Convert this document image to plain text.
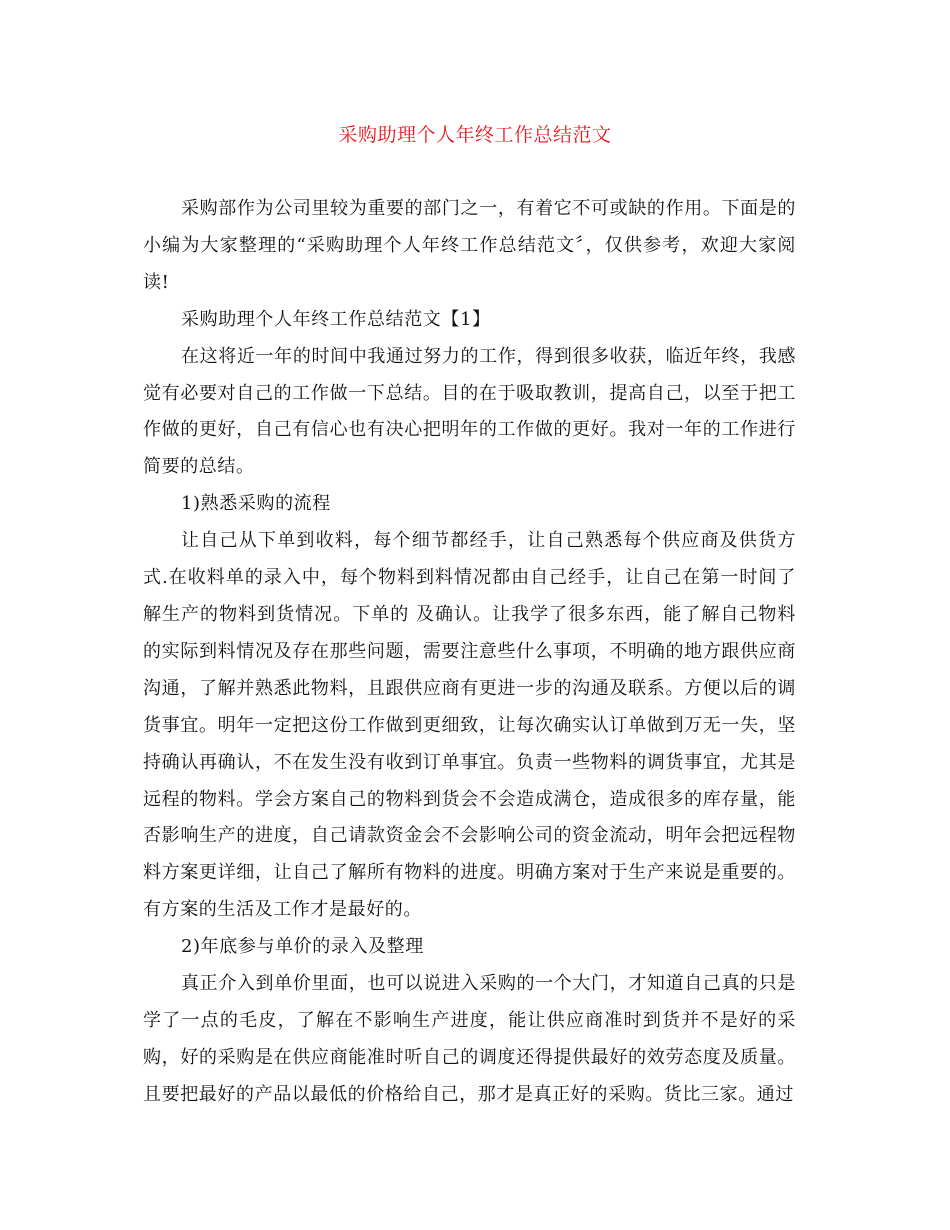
采购助理个人年终工作总结范文

采购部作为公司里较为重要的部门之一，有着它不可或缺的作用。下面是的小编为大家整理的“采购助理个人年终工作总结范文〞，仅供参考，欢迎大家阅读!

采购助理个人年终工作总结范文【1】

在这将近一年的时间中我通过努力的工作，得到很多收获，临近年终，我感觉有必要对自己的工作做一下总结。目的在于吸取教训，提高自己，以至于把工作做的更好，自己有信心也有决心把明年的工作做的更好。我对一年的工作进行简要的总结。

1)熟悉采购的流程

让自己从下单到收料，每个细节都经手，让自己熟悉每个供应商及供货方式.在收料单的录入中，每个物料到料情况都由自己经手，让自己在第一时间了解生产的物料到货情况。下单的 及确认。让我学了很多东西，能了解自己物料的实际到料情况及存在那些问题，需要注意些什么事项，不明确的地方跟供应商沟通，了解并熟悉此物料，且跟供应商有更进一步的沟通及联系。方便以后的调货事宜。明年一定把这份工作做到更细致，让每次确实认订单做到万无一失，坚持确认再确认，不在发生没有收到订单事宜。负责一些物料的调货事宜，尤其是远程的物料。学会方案自己的物料到货会不会造成满仓，造成很多的库存量，能否影响生产的进度，自己请款资金会不会影响公司的资金流动，明年会把远程物料方案更详细，让自己了解所有物料的进度。明确方案对于生产来说是重要的。有方案的生活及工作才是最好的。

2)年底参与单价的录入及整理

真正介入到单价里面，也可以说进入采购的一个大门，才知道自己真的只是学了一点的毛皮，了解在不影响生产进度，能让供应商准时到货并不是好的采购，好的采购是在供应商能准时听自己的调度还得提供最好的效劳态度及质量。且要把最好的产品以最低的价格给自己，那才是真正好的采购。货比三家。通过
